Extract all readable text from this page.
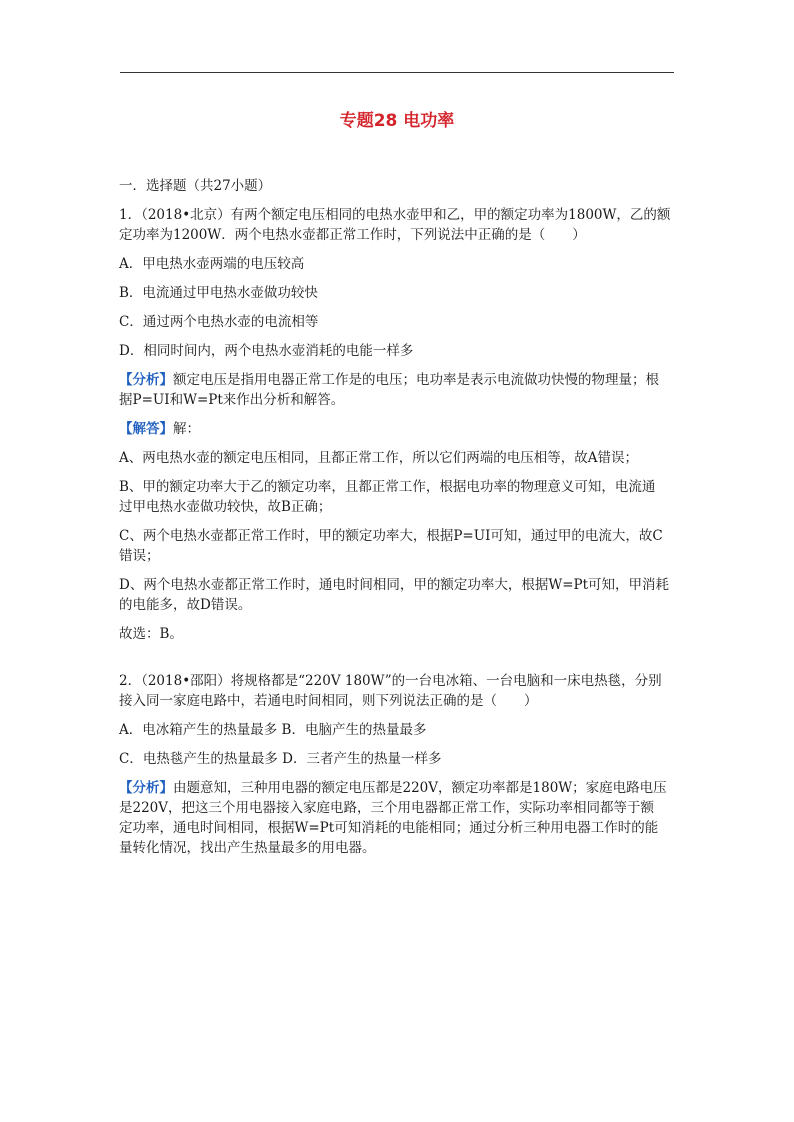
专题28 电功率

一．选择题（共27小题）

1．（2018•北京）有两个额定电压相同的电热水壶甲和乙，甲的额定功率为1800W，乙的额
定功率为1200W．两个电热水壶都正常工作时，下列说法中正确的是（　　）

A．甲电热水壶两端的电压较高

B．电流通过甲电热水壶做功较快

C．通过两个电热水壶的电流相等

D．相同时间内，两个电热水壶消耗的电能一样多

【分析】额定电压是指用电器正常工作是的电压；电功率是表示电流做功快慢的物理量；根
据P=UI和W=Pt来作出分析和解答。

【解答】解：

A、两电热水壶的额定电压相同，且都正常工作，所以它们两端的电压相等，故A错误；

B、甲的额定功率大于乙的额定功率，且都正常工作，根据电功率的物理意义可知，电流通
过甲电热水壶做功较快，故B正确；

C、两个电热水壶都正常工作时，甲的额定功率大，根据P=UI可知，通过甲的电流大，故C
错误；

D、两个电热水壶都正常工作时，通电时间相同，甲的额定功率大，根据W=Pt可知，甲消耗
的电能多，故D错误。

故选：B。

2．（2018•邵阳）将规格都是“220V 180W”的一台电冰箱、一台电脑和一床电热毯，分别
接入同一家庭电路中，若通电时间相同，则下列说法正确的是（　　）

A．电冰箱产生的热量最多 B．电脑产生的热量最多

C．电热毯产生的热量最多 D．三者产生的热量一样多

【分析】由题意知，三种用电器的额定电压都是220V，额定功率都是180W；家庭电路电压
是220V，把这三个用电器接入家庭电路，三个用电器都正常工作，实际功率相同都等于额
定功率，通电时间相同，根据W=Pt可知消耗的电能相同；通过分析三种用电器工作时的能
量转化情况，找出产生热量最多的用电器。
